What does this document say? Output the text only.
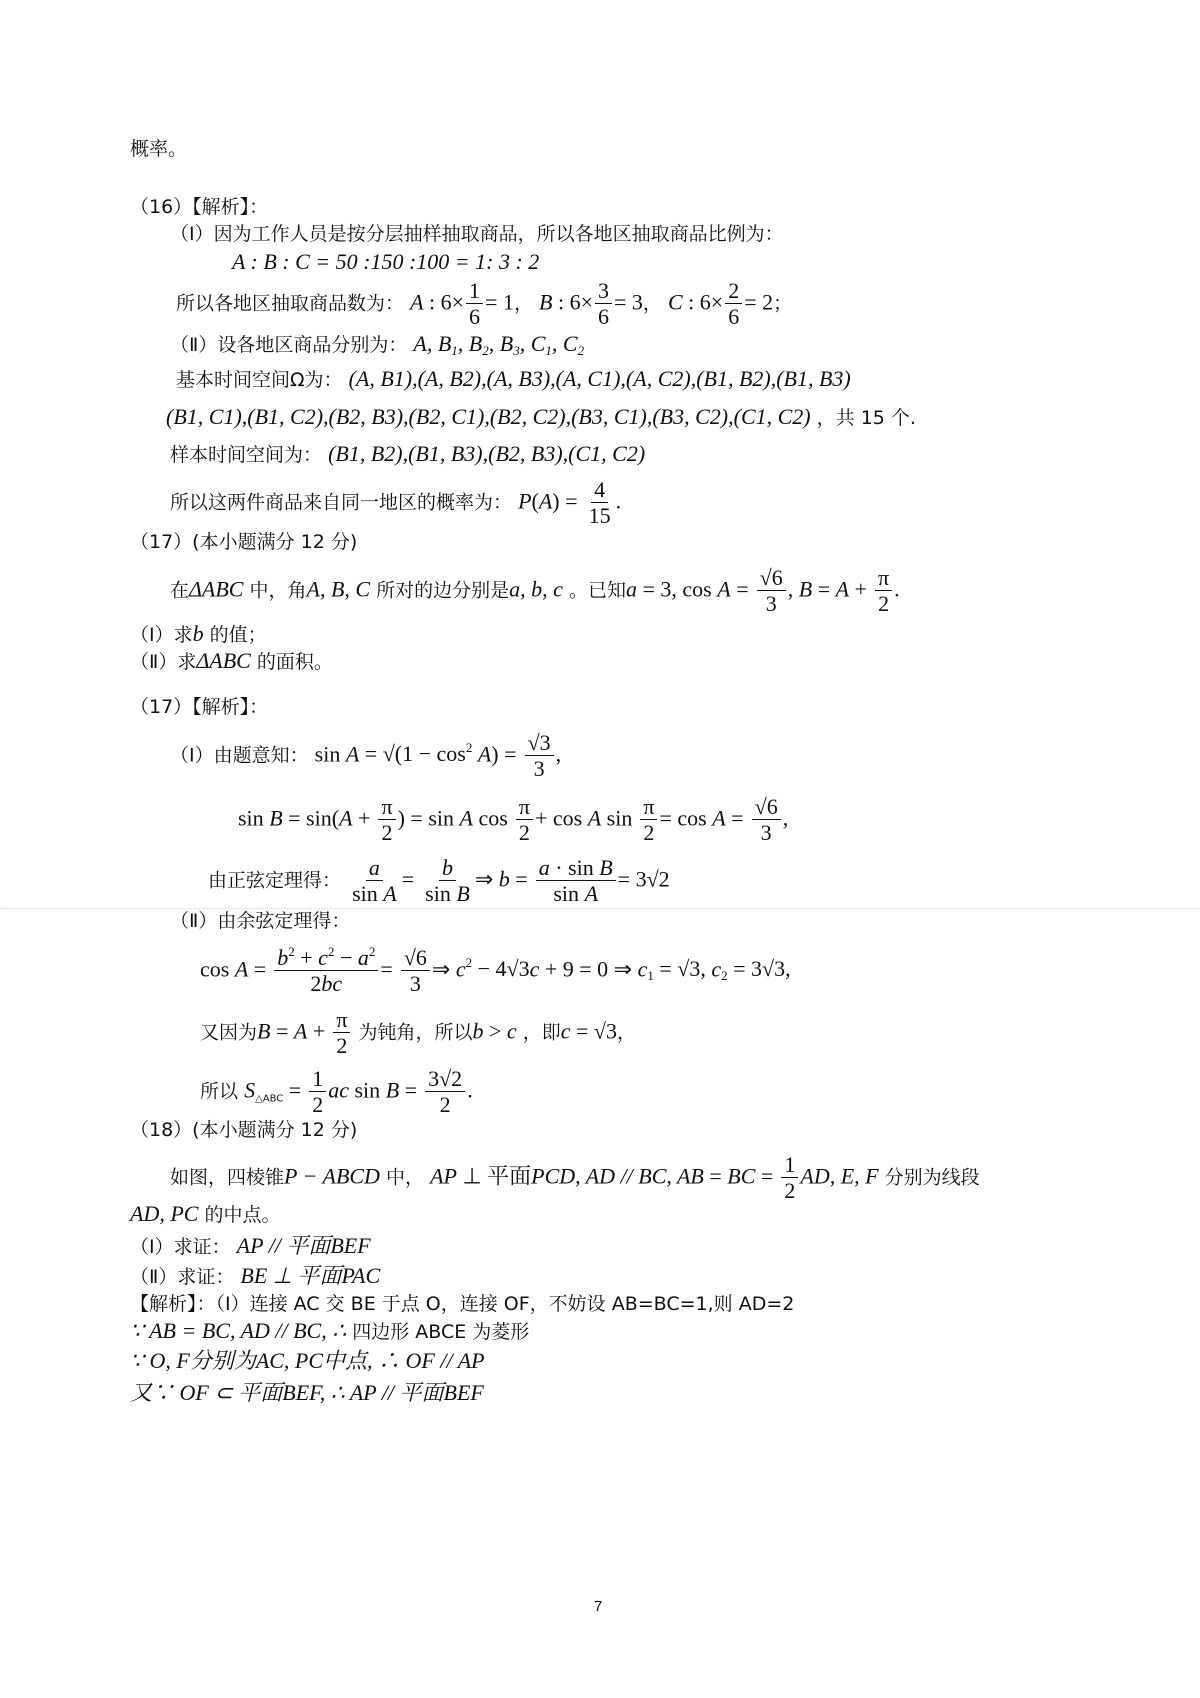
概率。
（16）【解析】：
（Ⅰ）因为工作人员是按分层抽样抽取商品，所以各地区抽取商品比例为：
A : B : C = 50 :150 :100 = 1: 3 : 2
所以各地区抽取商品数为： A : $6\times \frac{1}{6} = 1$， B : $6\times \frac{3}{6} = 3$， C : $6\times \frac{2}{6} = 2$；
（Ⅱ）设各地区商品分别为： A, $B_1$, $B_2$, $B_3$, $C_1$, $C_2$
基本时间空间Ω为： (A, B1),(A, B2),(A, B3),(A, C1),(A, C2),(B1, B2),(B1, B3)
(B1, C1),(B1, C2),(B2, B3),(B2, C1),(B2, C2),(B3, C1),(B3, C2),(C1, C2) ，共 15 个.
样本时间空间为： (B1, B2),(B1, B3),(B2, B3),(C1, C2)
所以这两件商品来自同一地区的概率为： $P(A) = \frac{4}{15}$ .
（17）(本小题满分 12 分)
在ΔABC 中，角A, B, C 所对的边分别是a, b, c 。已知a = 3, $\cos A = \frac{√6}{3}$ , $B = A + \frac{\pi}{2}$ .
（Ⅰ）求b 的值；
（Ⅱ）求ΔABC 的面积。
（17）【解析】：
（Ⅰ）由题意知： $\sin A = √(1 - \cos^2 A) = \frac{√3}{3}$ ,
$\sin B = \sin(A + \frac{\pi}{2}$ ) = sin A $\cos \frac{\pi}{2} + \cos A$ $\sin \frac{\pi}{2} = \cos A = \frac{√6}{3}$ ,
由正弦定理得： $\frac{a}{\text{sin A}} = \frac{b}{\text{sin B}}$ ⇒ $b = \frac{\text{a · sin B}}{\text{sin A}} = 3√2$
（Ⅱ）由余弦定理得：
$\cos A = \frac{b^2 + c^2 - a^2}{2bc} = \frac{√6}{3}$ ⇒ $c^2 - 4√3c + 9 = 0$ ⇒ $c_1 = √3$, $c_2 = 3√3$,
又因为$B = A + \frac{\pi}{2}$ 为钝角，所以b > c ，即c = √3，
所以 $S_{\triangle ABC} = \frac{1}{2}$ ac $\sin B = \frac{3√2}{2}$ .
（18）(本小题满分 12 分)
如图，四棱锥P − ABCD 中， AP ⊥ 平面PCD, AD // BC, AB = BC = $\frac{1}{2}$ AD, E, F 分别为线段
AD, PC 的中点。
（Ⅰ）求证： AP // 平面BEF
（Ⅱ）求证： BE ⊥ 平面PAC
【解析】：（Ⅰ）连接 AC 交 BE 于点 O，连接 OF，不妨设 AB=BC=1,则 AD=2
∵ AB = BC, AD // BC, ∴ 四边形 ABCE 为菱形
∵ O, F分别为AC, PC中点, ∴ OF // AP
又∵ OF ⊂ 平面BEF, ∴ AP // 平面BEF
7
